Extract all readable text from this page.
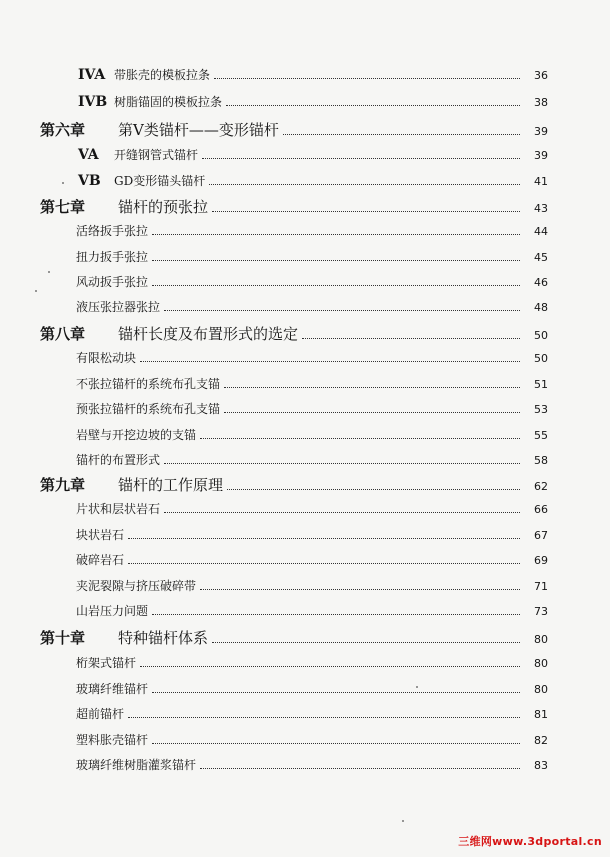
IVA 带胀壳的模板拉条	36
IVB 树脂锚固的模板拉条	38
第六章	第Ⅴ类锚杆——变形锚杆	39
VA	开缝钢管式锚杆	39
VB	GD变形锚头锚杆	41
第七章	锚杆的预张拉	43
活络扳手张拉	44
扭力扳手张拉	45
风动扳手张拉	46
液压张拉器张拉	48
第八章	锚杆长度及布置形式的选定	50
有限松动块	50
不张拉锚杆的系统布孔支锚	51
预张拉锚杆的系统布孔支锚	53
岩壁与开挖边坡的支锚	55
锚杆的布置形式	58
第九章	锚杆的工作原理	62
片状和层状岩石	66
块状岩石	67
破碎岩石	69
夹泥裂隙与挤压破碎带	71
山岩压力问题	73
第十章	特种锚杆体系	80
桁架式锚杆	80
玻璃纤维锚杆	80
超前锚杆	81
塑料胀壳锚杆	82
玻璃纤维树脂灌浆锚杆	83
三维网www.3dportal.cn
